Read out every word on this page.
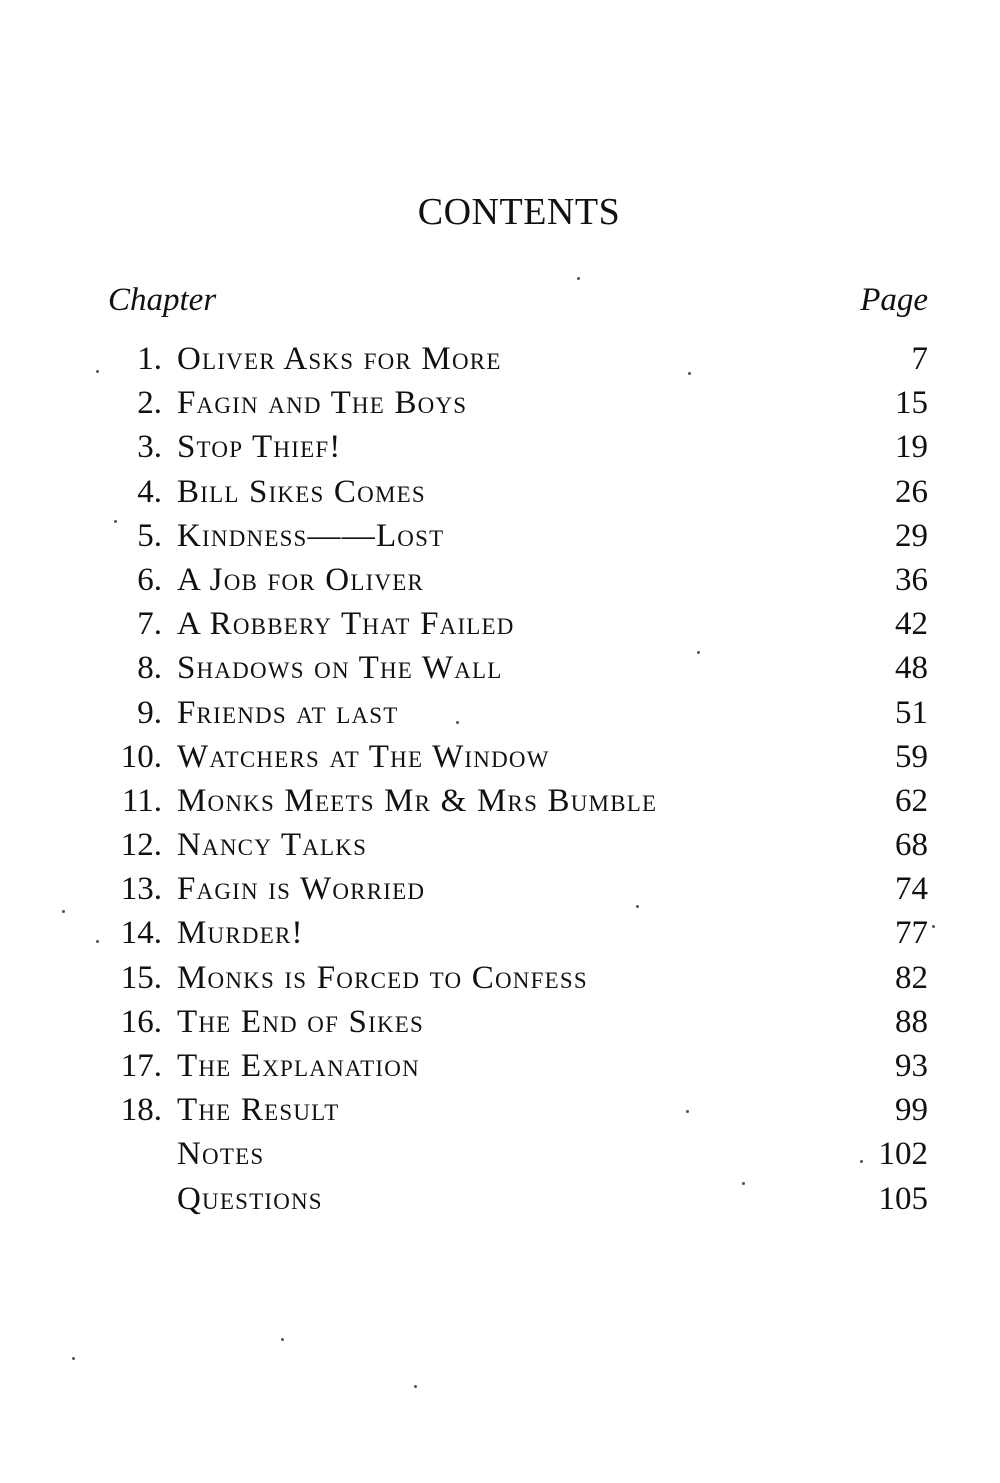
CONTENTS
Chapter	Page
1. Oliver Asks for More	7
2. Fagin and The Boys	15
3. Stop Thief!	19
4. Bill Sikes Comes	26
5. Kindness——Lost	29
6. A Job for Oliver	36
7. A Robbery That Failed	42
8. Shadows on The Wall	48
9. Friends at last	51
10. Watchers at The Window	59
11. Monks Meets Mr & Mrs Bumble	62
12. Nancy Talks	68
13. Fagin is Worried	74
14. Murder!	77
15. Monks is Forced to Confess	82
16. The End of Sikes	88
17. The Explanation	93
18. The Result	99
Notes	102
Questions	105
